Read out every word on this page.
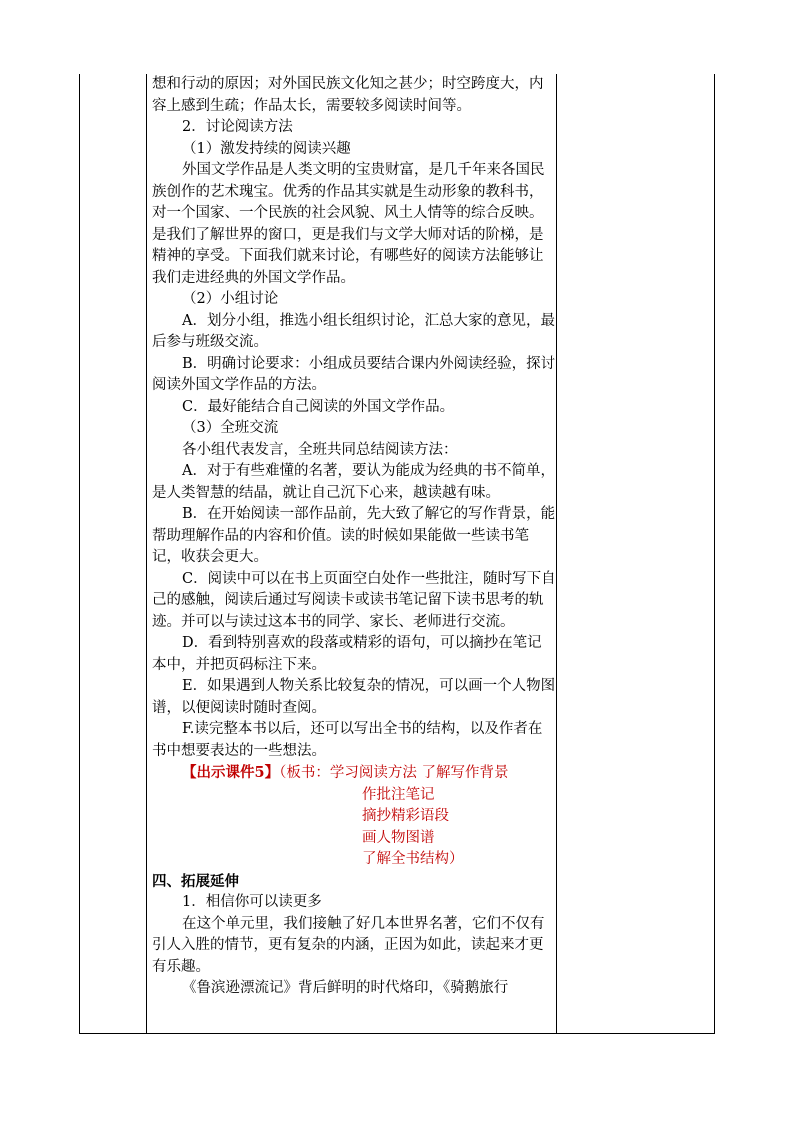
想和行动的原因；对外国民族文化知之甚少；时空跨度大，内容上感到生疏；作品太长，需要较多阅读时间等。

2．讨论阅读方法

（1）激发持续的阅读兴趣

外国文学作品是人类文明的宝贵财富，是几千年来各国民族创作的艺术瑰宝。优秀的作品其实就是生动形象的教科书，对一个国家、一个民族的社会风貌、风土人情等的综合反映。是我们了解世界的窗口，更是我们与文学大师对话的阶梯，是精神的享受。下面我们就来讨论，有哪些好的阅读方法能够让我们走进经典的外国文学作品。

（2）小组讨论

A．划分小组，推选小组长组织讨论，汇总大家的意见，最后参与班级交流。

B．明确讨论要求：小组成员要结合课内外阅读经验，探讨阅读外国文学作品的方法。

C．最好能结合自己阅读的外国文学作品。

（3）全班交流

各小组代表发言，全班共同总结阅读方法：

A．对于有些难懂的名著，要认为能成为经典的书不简单，是人类智慧的结晶，就让自己沉下心来，越读越有味。

B．在开始阅读一部作品前，先大致了解它的写作背景，能帮助理解作品的内容和价值。读的时候如果能做一些读书笔记，收获会更大。

C．阅读中可以在书上页面空白处作一些批注，随时写下自己的感触，阅读后通过写阅读卡或读书笔记留下读书思考的轨迹。并可以与读过这本书的同学、家长、老师进行交流。

D．看到特别喜欢的段落或精彩的语句，可以摘抄在笔记本中，并把页码标注下来。

E．如果遇到人物关系比较复杂的情况，可以画一个人物图谱，以便阅读时随时查阅。

F.读完整本书以后，还可以写出全书的结构，以及作者在书中想要表达的一些想法。

【出示课件5】（板书：学习阅读方法 了解写作背景

作批注笔记

摘抄精彩语段

画人物图谱

了解全书结构）

四、拓展延伸

1．相信你可以读更多

在这个单元里，我们接触了好几本世界名著，它们不仅有引人入胜的情节，更有复杂的内涵，正因为如此，读起来才更有乐趣。

《鲁滨逊漂流记》背后鲜明的时代烙印，《骑鹅旅行
